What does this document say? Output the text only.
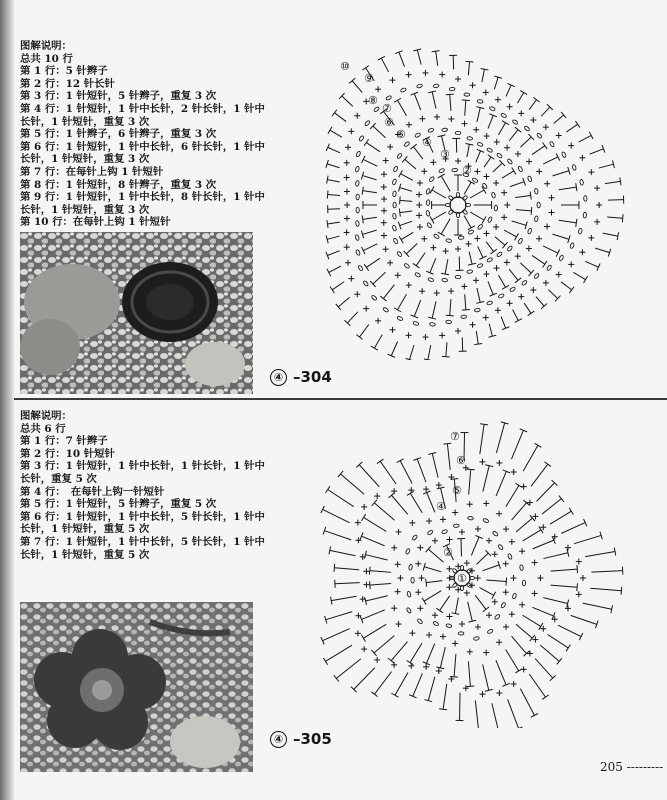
图解说明：
总共 10 行
第 1 行：5 针辫子
第 2 行：12 针长针
第 3 行：1 针短针，5 针辫子，重复 3 次
第 4 行：1 针短针，1 针中长针，2 针长针，1 针中
长针，1 针短针，重复 3 次
第 5 行：1 针辫子，6 针辫子，重复 3 次
第 6 行：1 针短针，1 针中长针，6 针长针，1 针中
长针，1 针短针，重复 3 次
第 7 行：在每针上钩 1 针短针
第 8 行：1 针短针，8 针辫子，重复 3 次
第 9 行：1 针短针，1 针中长针，8 针长针，1 针中
长针，1 针短针，重复 3 次
第 10 行：在每针上钩 1 针短针
②
③
④
⑤
⑥
⑦
⑧
⑨
⑩
④ –304
图解说明：
总共 6 行
第 1 行：7 针辫子
第 2 行：10 针短针
第 3 行：1 针短针，1 针中长针，1 针长针，1 针中
长针，重复 5 次
第 4 行：　在每针上钩一针短针
第 5 行：1 针短针，5 针辫子，重复 5 次
第 6 行：1 针短针，1 针中长针，5 针长针，1 针中
长针，1 针短针，重复 5 次
第 7 行：1 针短针，1 针中长针，5 针长针，1 针中
长针，1 针短针，重复 5 次
①
②
④
⑤
⑥
⑦
④ –305
205 ---------
